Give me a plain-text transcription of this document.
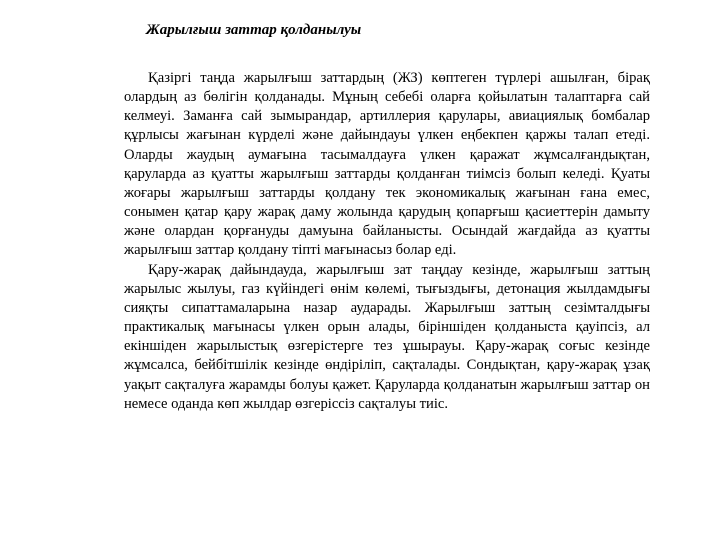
Жарылғыш заттар қолданылуы

Қазіргі таңда жарылғыш заттардың (ЖЗ) көптеген түрлері ашылған, бірақ олардың аз бөлігін қолданады. Мұның себебі оларға қойылатын талаптарға сай келмеуі. Заманға сай зымырандар, артиллерия қарулары, авиациялық бомбалар құрлысы жағынан күрделі және дайындауы үлкен еңбекпен қаржы талап етеді. Оларды жаудың аумағына тасымалдауға үлкен қаражат жұмсалғандықтан, қаруларда аз қуатты жарылғыш заттарды қолданған тиімсіз болып келеді. Қуаты жоғары жарылғыш заттарды қолдану тек экономикалық жағынан ғана емес, сонымен қатар қару жарақ даму жолында қарудың қопарғыш қасиеттерін дамыту және олардан қорғануды дамуына байланысты. Осындай жағдайда аз қуатты жарылғыш заттар қолдану тіпті мағынасыз болар еді.

Қару-жарақ дайындауда, жарылғыш зат таңдау кезінде, жарылғыш заттың жарылыс жылуы, газ күйіндегі өнім көлемі, тығыздығы, детонация жылдамдығы сияқты сипаттамаларына назар аударады. Жарылғыш заттың сезімталдығы практикалық мағынасы үлкен орын алады, біріншіден қолданыста қауіпсіз, ал екіншіден жарылыстық өзгерістерге тез ұшырауы. Қару-жарақ соғыс кезінде жұмсалса, бейбітшілік кезінде өндіріліп, сақталады. Сондықтан, қару-жарақ ұзақ уақыт сақталуға жарамды болуы қажет. Қаруларда қолданатын жарылғыш заттар он немесе оданда көп жылдар өзгеріссіз сақталуы тиіс.
